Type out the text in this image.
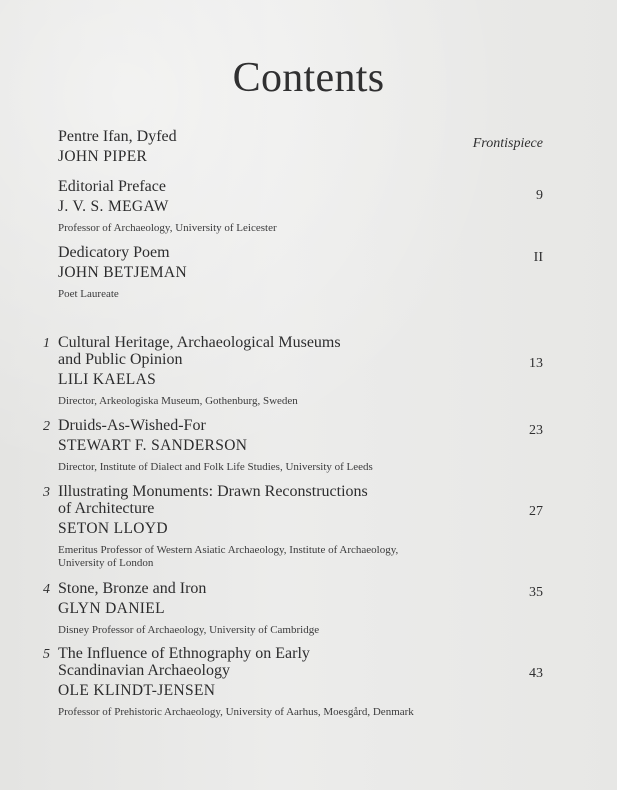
Contents
Pentre Ifan, Dyfed
JOHN PIPER
Frontispiece
Editorial Preface
J. V. S. MEGAW
Professor of Archaeology, University of Leicester
9
Dedicatory Poem
JOHN BETJEMAN
Poet Laureate
II
1 Cultural Heritage, Archaeological Museums
and Public Opinion
LILI KAELAS
Director, Arkeologiska Museum, Gothenburg, Sweden
13
2 Druids-As-Wished-For
STEWART F. SANDERSON
Director, Institute of Dialect and Folk Life Studies, University of Leeds
23
3 Illustrating Monuments: Drawn Reconstructions
of Architecture
SETON LLOYD
Emeritus Professor of Western Asiatic Archaeology, Institute of Archaeology,
University of London
27
4 Stone, Bronze and Iron
GLYN DANIEL
Disney Professor of Archaeology, University of Cambridge
35
5 The Influence of Ethnography on Early
Scandinavian Archaeology
OLE KLINDT-JENSEN
Professor of Prehistoric Archaeology, University of Aarhus, Moesgård, Denmark
43
